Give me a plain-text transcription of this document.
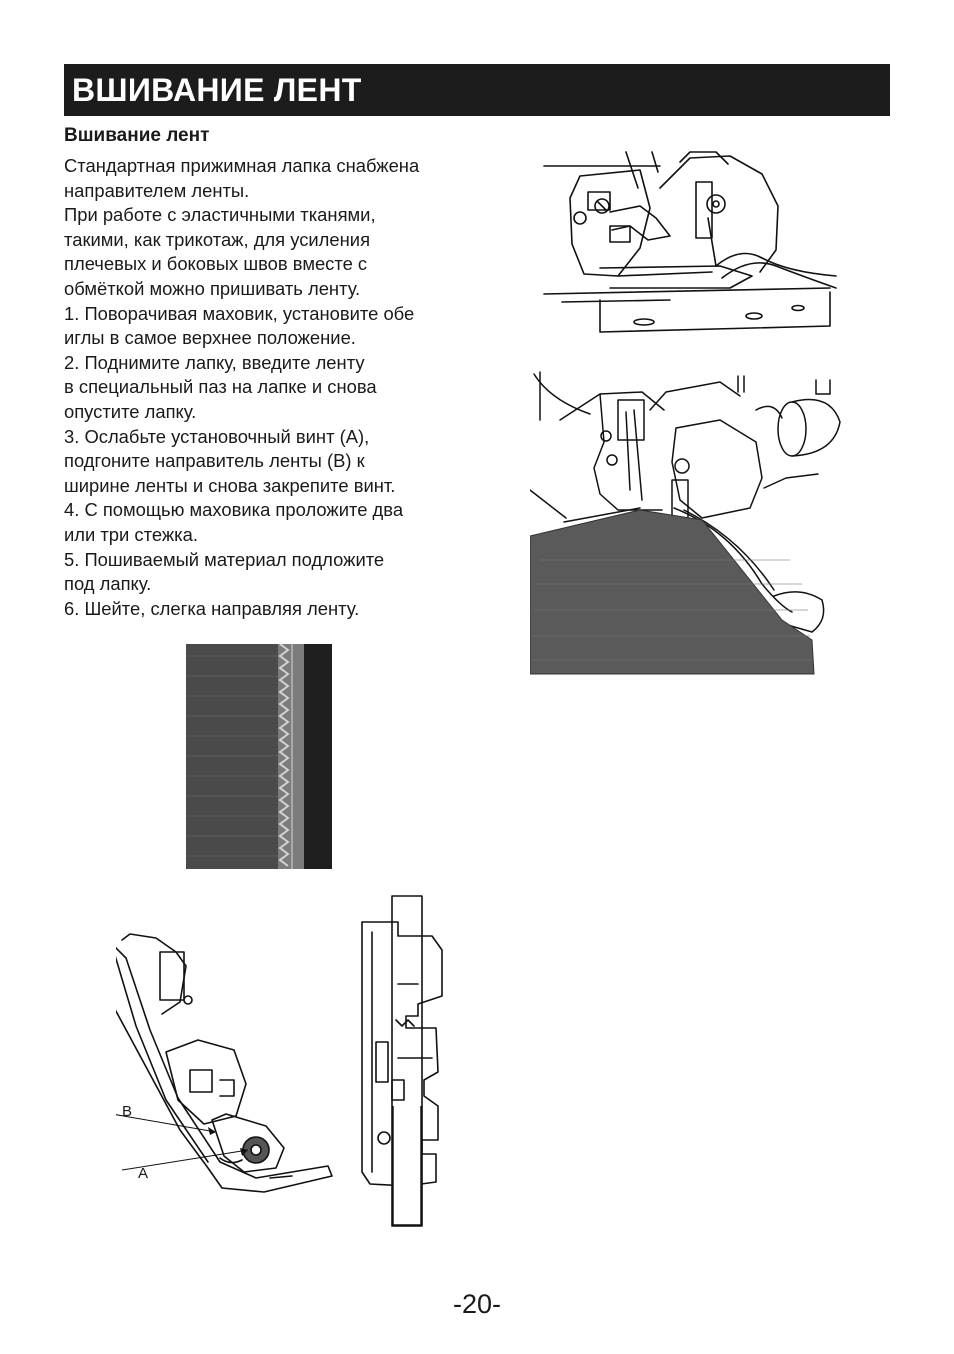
ВШИВАНИЕ ЛЕНТ
Вшивание лент
Стандартная прижимная лапка снабжена
направителем ленты.
При работе с эластичными тканями,
такими, как трикотаж, для усиления
плечевых и боковых швов вместе с
обмёткой можно пришивать ленту.
1. Поворачивая маховик, установите обе
иглы в самое верхнее положение.
2. Поднимите лапку, введите ленту
в специальный паз на лапке и снова
опустите лапку.
3. Ослабьте установочный винт (А),
подгоните направитель ленты (В) к
ширине ленты и снова закрепите винт.
4. С помощью маховика проложите два
или три стежка.
5. Пошиваемый материал подложите
под лапку.
6. Шейте, слегка направляя ленту.
B
A
-20-
